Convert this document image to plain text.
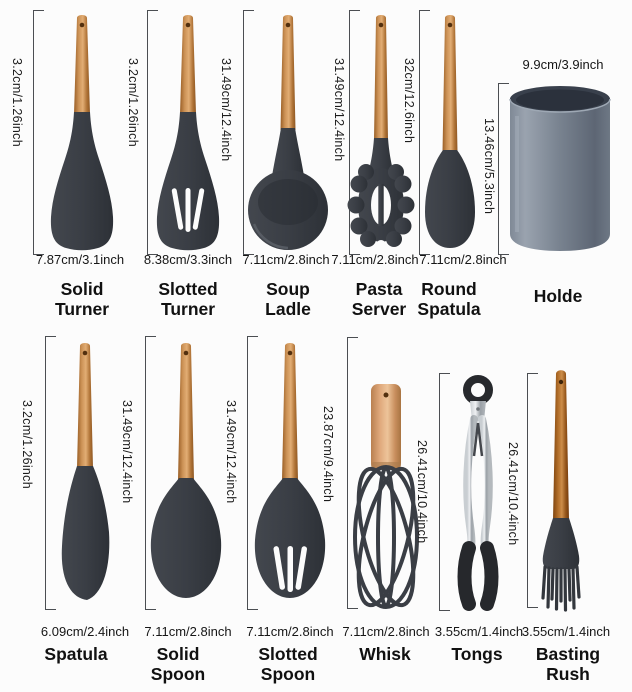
3.2cm/1.26inch
7.87cm/3.1inch
Solid Turner
3.2cm/1.26inch
8.38cm/3.3inch
Slotted Turner
31.49cm/12.4inch
7.11cm/2.8inch
Soup Ladle
31.49cm/12.4inch
7.11cm/2.8inch
Pasta Server
32cm/12.6inch
7.11cm/2.8inch
Round Spatula
9.9cm/3.9inch
13.46cm/5.3inch
Holde
3.2cm/1.26inch
6.09cm/2.4inch
Spatula
31.49cm/12.4inch
7.11cm/2.8inch
Solid Spoon
31.49cm/12.4inch
7.11cm/2.8inch
Slotted Spoon
23.87cm/9.4inch
7.11cm/2.8inch
Whisk
26.41cm/10.4inch
3.55cm/1.4inch
Tongs
26.41cm/10.4inch
3.55cm/1.4inch
Basting Rush
